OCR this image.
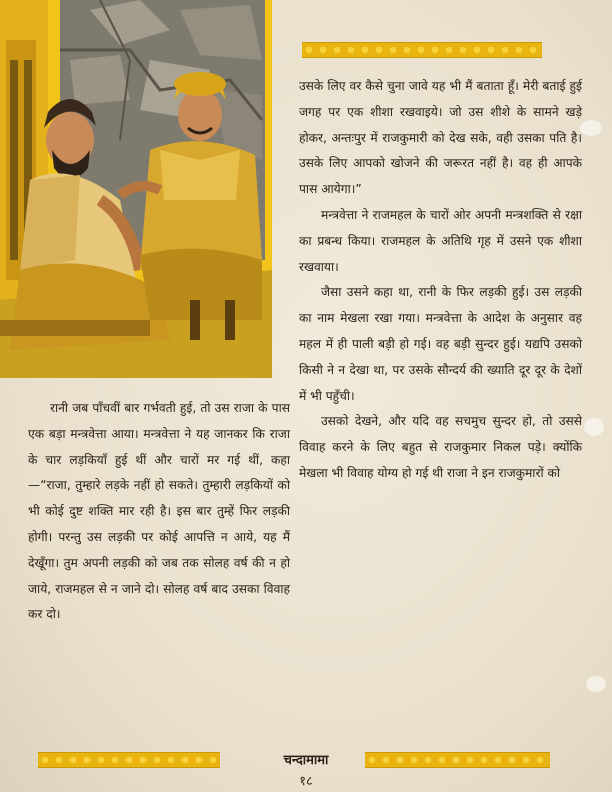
उसके लिए वर कैसे चुना जावे यह भी मैं बताता हूँ। मेरी बताई हुई जगह पर एक शीशा रखवाइये। जो उस शीशे के सामने खड़े होकर, अन्तःपुर में राजकुमारी को देख सके, वही उसका पति है। उसके लिए आपको खोजने की जरूरत नहीं है। वह ही आपके पास आयेगा।”

मन्त्रवेत्ता ने राजमहल के चारों ओर अपनी मन्त्रशक्ति से रक्षा का प्रबन्ध किया। राजमहल के अतिथि गृह में उसने एक शीशा रखवाया।

जैसा उसने कहा था, रानी के फिर लड़की हुई। उस लड़की का नाम मेखला रखा गया। मन्त्रवेत्ता के आदेश के अनुसार वह महल में ही पाली बड़ी हो गई। वह बड़ी सुन्दर हुई। यद्यपि उसको किसी ने न देखा था, पर उसके सौन्दर्य की ख्याति दूर दूर के देशों में भी पहुँची।

उसको देखने, और यदि वह सचमुच सुन्दर हो, तो उससे विवाह करने के लिए बहुत से राजकुमार निकल पड़े। क्योंकि मेखला भी विवाह योग्य हो गई थी राजा ने इन राजकुमारों को

रानी जब पाँचवीं बार गर्भवती हुई, तो उस राजा के पास एक बड़ा मन्त्रवेत्ता आया। मन्त्रवेत्ता ने यह जानकर कि राजा के चार लड़कियाँ हुई थीं और चारों मर गई थीं, कहा—“राजा, तुम्हारे लड़के नहीं हो सकते। तुम्हारी लड़कियों को भी कोई दुष्ट शक्ति मार रही है। इस बार तुम्हें फिर लड़की होगी। परन्तु उस लड़की पर कोई आपत्ति न आये, यह मैं देखूँगा। तुम अपनी लड़की को जब तक सोलह वर्ष की न हो जाये, राजमहल से न जाने दो। सोलह वर्ष बाद उसका विवाह कर दो।

चन्दामामा
१८
